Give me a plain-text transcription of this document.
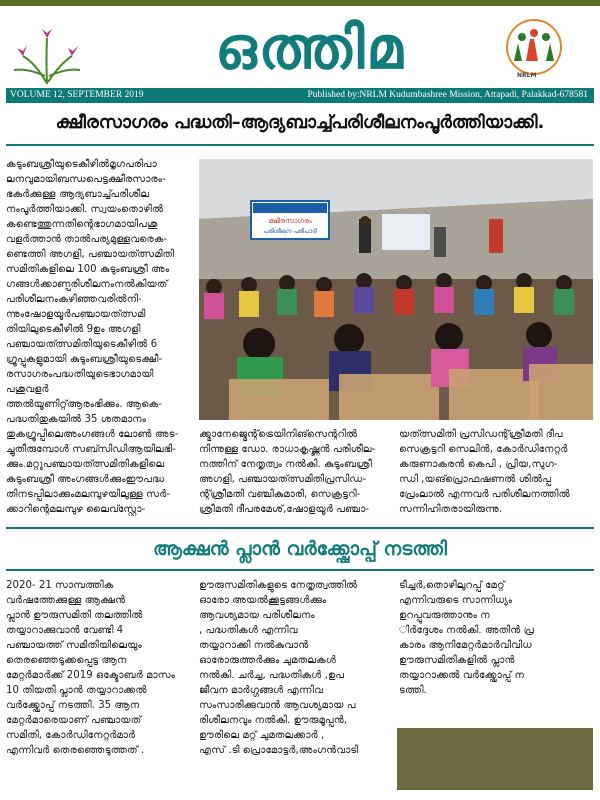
ഒത്തിമ	NRLM
VOLUME 12, SEPTEMBER 2019	Published by:NRLM Kudumbashree Mission, Attapadi, Palakkad-678581
ക്ഷീരസാഗരം പദ്ധതി–ആദ്യബാച്ച്പരിശീലനംപൂർത്തിയാക്കി.
കടുംബശ്രീയുടെകീഴിൽമൃഗപരിപാ
ലനവുമായിബന്ധപെട്ടക്ഷീരസാരം-
ഭകർക്കുള്ള ആദ്യബാച്ച്പരിശീല
നംപൂർത്തിയാക്കി. സ്വയംതൊഴിൽ
കണ്ടെത്തുന്നതിന്റെഭാഗമായിപശു
വളർത്താൻ താൽപര്യമുള്ളവരെക-
ണ്ടെത്തി അഗളി, പഞ്ചായത്ത്സമിതി
സമിതികളിലെ 100 കുടുംബശ്രീ അം
ഗങ്ങൾക്കാണ്പരിശീലനംനൽകിയത്
പരിശീലനംകഴിഞ്ഞവരിൽനി-
ന്നുംഷോളയൂർപഞ്ചായത്ത്സമി
തിയിലുടെകീഴിൽ 9ഉം അഗളി
പഞ്ചായത്ത്സമിതിയുടെകീഴിൽ 6
ഗ്രൂപ്പുകളുമായി കുടുംബശ്രീയുടെക്ഷീ-
രസാഗരംപദ്ധതിയുടെഭാഗമായി പശുവളർ
ത്തൽയൂണിറ്റ്ആരംഭിക്കും. ആകെ-
പദ്ധതിതുകയിൽ 35 ശതമാനം
തുകഗ്രൂപ്പിലെഅംഗങ്ങൾ ലോൺ അട-
ച്ചുതീരുമ്പോൾ സബ്സിഡിആയിലഭി-
ക്കും.മറ്റുപഞ്ചായത്ത്സമിതികളിലെ
കുടുംബശ്രീ അംഗങ്ങൾക്കുംഈപദ്ധ
തിനടപ്പിലാക്കുംമലമ്പുഴയിലുള്ള സർ-
ക്കാറിന്റെമലമ്പുഴ ലൈവ്സ്റ്റോ-
ക്ഷീരസാഗരം
പരിശീലന പരിപാടി
ക്ക്മാനേജ്മെന്റ്ട്രെയിനിങ്സെന്ററിൽ
നിന്നുള്ള ഡോ. രാധാകൃഷ്ണൻ പരിശീല-
നത്തിന് നേതൃത്വം നൽകി. കുടുംബശ്രീ
അഗളി, പഞ്ചായത്ത്സമിതിപ്രസിഡ-
ന്റ്ശ്രീമതി വഞ്ചികുമാരി, സെക്രട്ടറി-
ശ്രീമതി ദീപരമേശ്,ഷോളയൂർ പഞ്ചാ-
യത്ത്സമിതി പ്രസിഡന്റ്ശ്രീമതി ദീപ
സെക്രട്ടറി സെലിൻ, കോർഡിനേറ്റർ
കരുണാകരൻ കെപി , പ്രിയ,സുഗ-
ന്ധി ,യങ്പ്രൊഫഷണൽ ശിൽപ്പ
പ്രേംലാൽ എന്നവർ പരിശീലനത്തിൽ
സന്നിഹിതരായിരുന്നു.
ആക്ഷൻ പ്ലാൻ വർക്ക്ഷോപ്പ് നടത്തി
2020- 21 സാമ്പത്തിക
വർഷത്തേക്കുള്ള ആക്ഷൻ
പ്ലാൻ ഊരുസമിതി തലത്തിൽ
തയ്യാറാക്കുവാൻ വേണ്ടി 4
പഞ്ചായത്ത് സമിതിയിലെയും
തെരഞ്ഞെടുക്കപ്പെട്ട ആന
മേറ്റർമാർക്ക് 2019 ഒക്ടോബർ മാസം
10 തിയതി പ്ലാൻ തയ്യാറാക്കൽ
വർക്ക്ഷോപ്പ് നടത്തി. 35 ആന
മേറ്റർമാരെയാണ് പഞ്ചായത്
സമിതി, കോർഡിനേറ്റർമാർ
എന്നിവർ തെരഞ്ഞെടുത്തത് .
ഊരുസമിതികളുടെ നേതൃത്വത്തിൽ
ഓരോ അയൽക്കൂട്ടങ്ങൾക്കും
ആവശ്യമായ പരിശീലനം
, പദ്ധതികൾ എന്നിവ
തയ്യാറാക്കി നൽകുവാൻ
ഓരോരുത്തർക്കും ചുമതലകൾ
നൽകി. ചർച്ച, പദ്ധതികൾ ,ഉപ
ജീവന മാർഗ്ഗങ്ങൾ എന്നിവ
സംസാരിക്കുവാൻ ആവശ്യമായ പ
രിശീലനവും നൽകി. ഊരുമൂപ്പൻ,
ഊരിലെ മറ്റ് ചുമതലക്കാർ ,
എസ് .ടി പ്രൊമോട്ടർ,അംഗൻവാടി
ടീച്ചർ,തൊഴിലുറപ്പ് മേറ്റ്
എന്നിവരുടെ സാന്നിധ്യം
ഉറപ്പുവരുത്താനും ന
ിർദ്ദേശം നൽകി. അതിൻ പ്ര
കാരം ആനിമേറ്റർമാർവിവിധ
ഊരുസമിതികളിൽ പ്ലാൻ
തയ്യാറാക്കൽ വർക്ക്ഷോപ്പ് ന
ടത്തി.
